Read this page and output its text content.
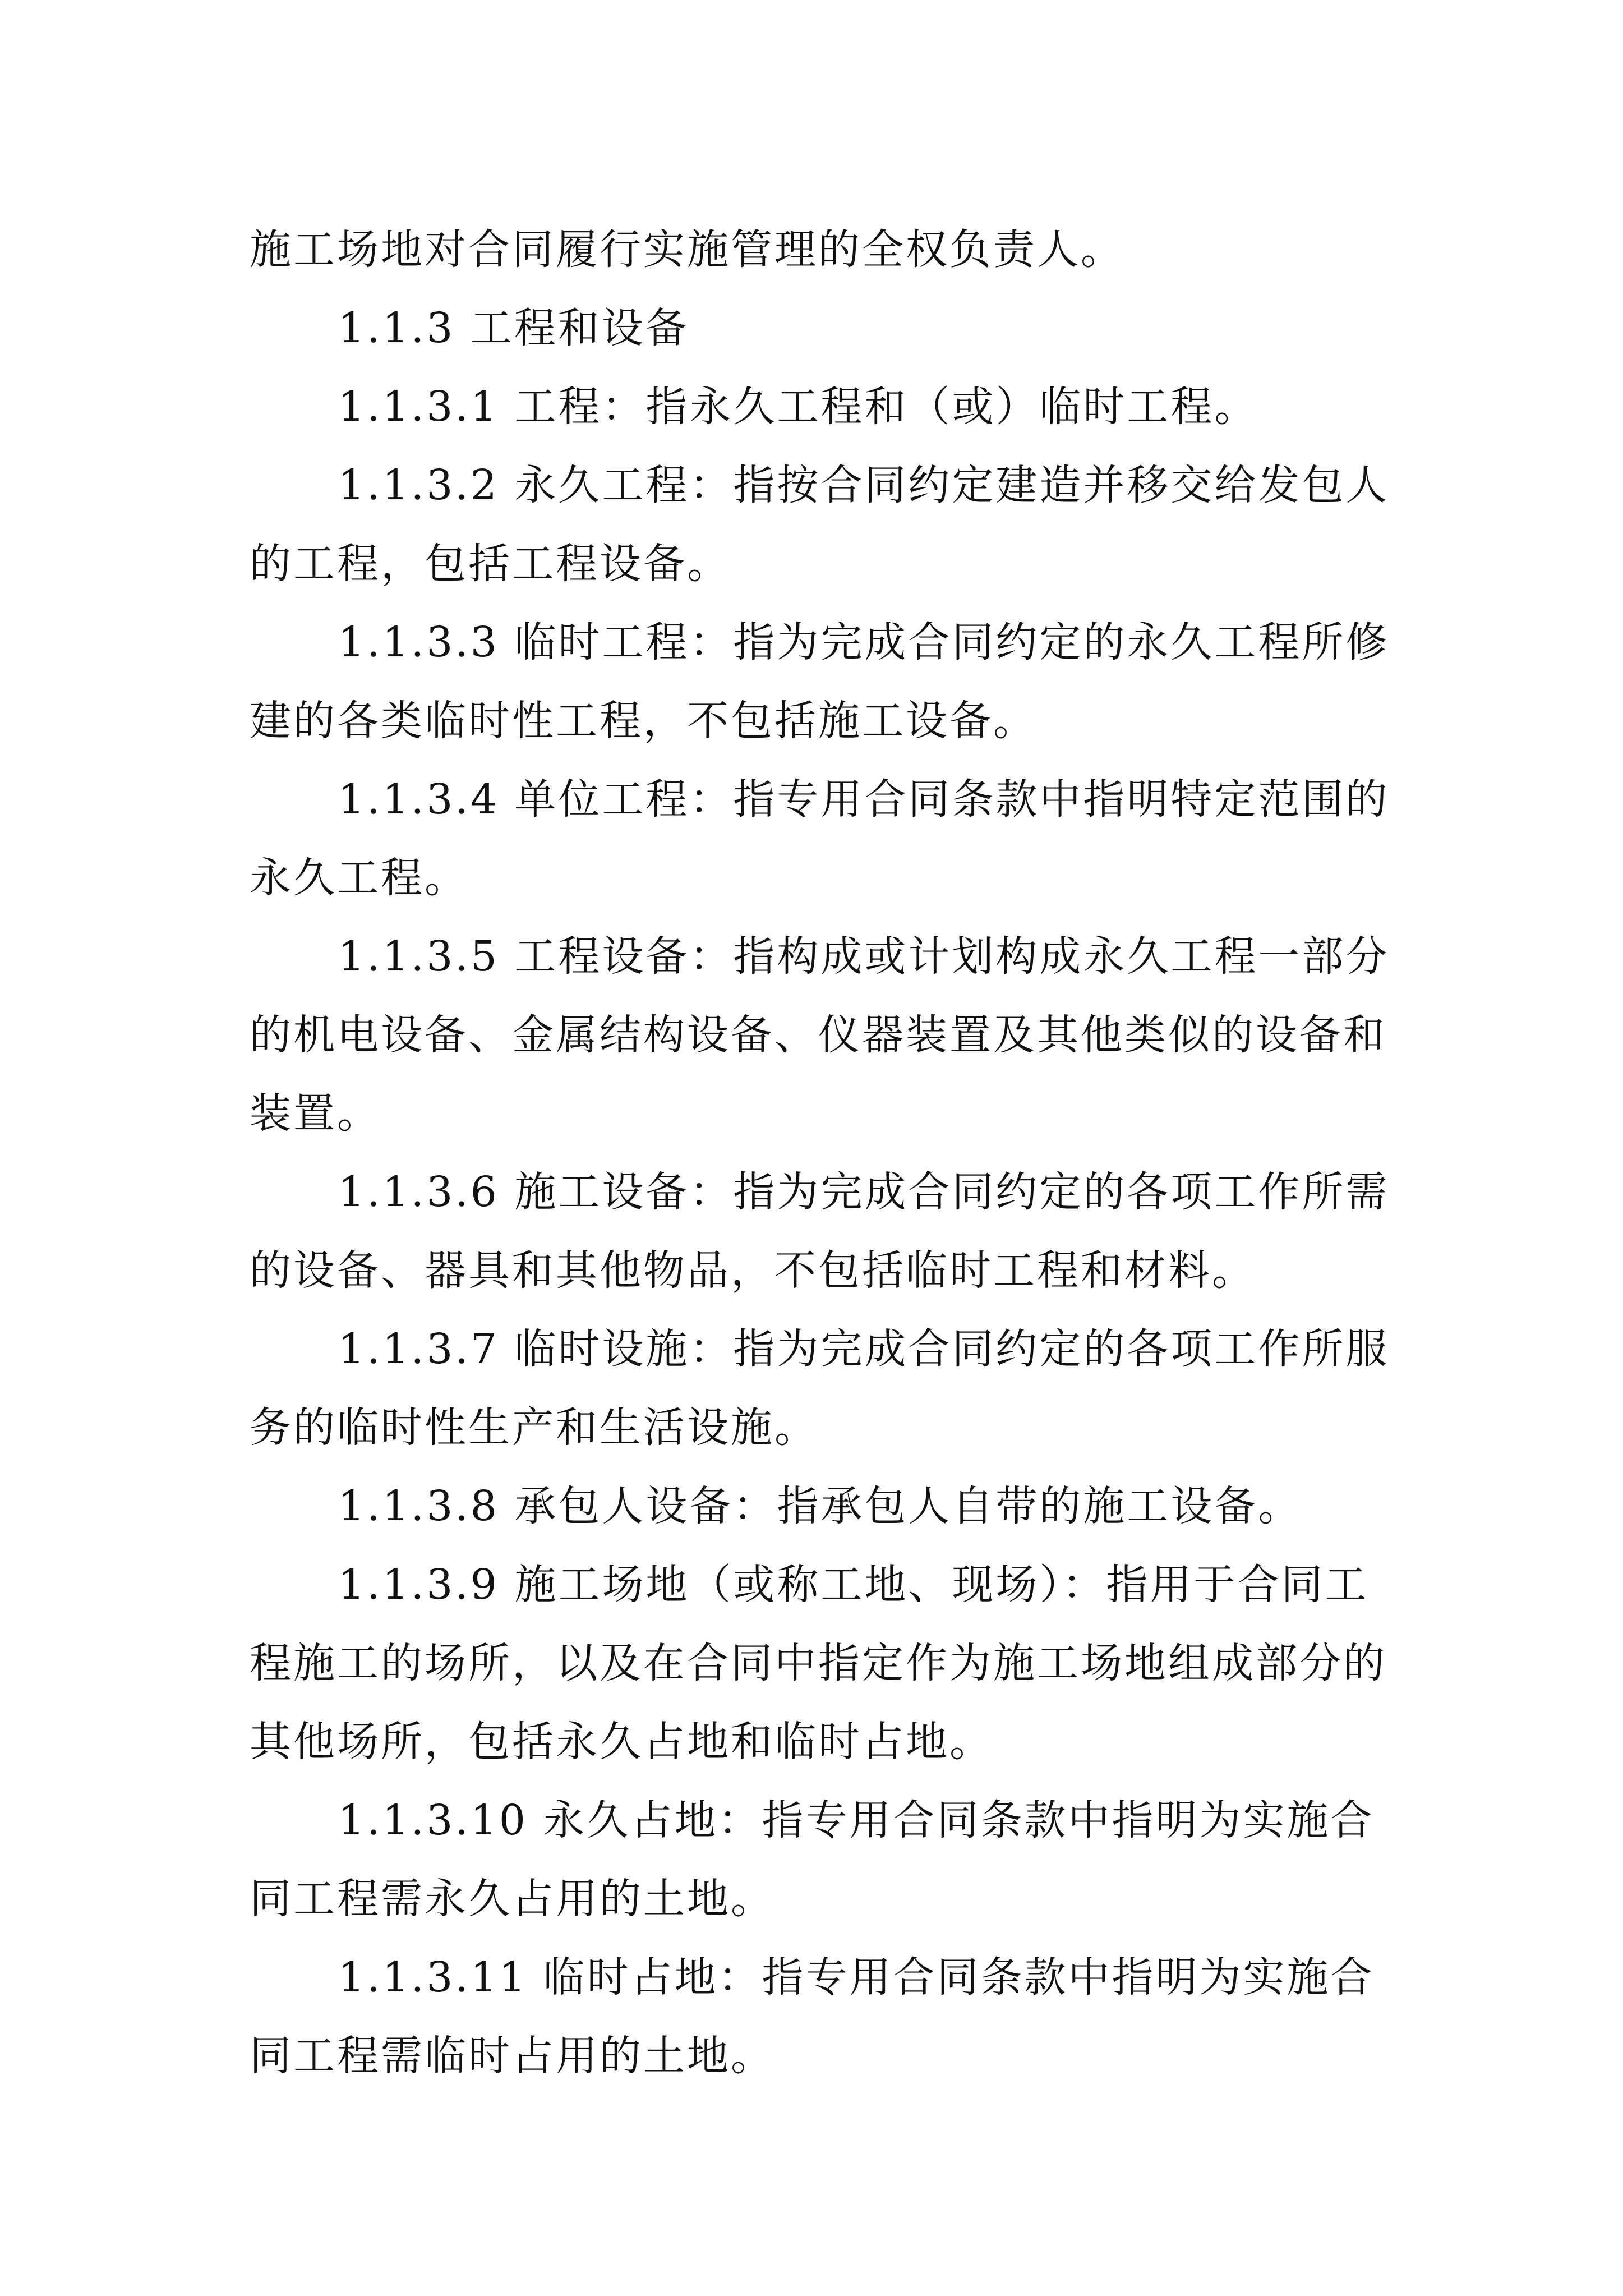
施工场地对合同履行实施管理的全权负责人。
1.1.3 工程和设备
1.1.3.1 工程：指永久工程和（或）临时工程。
1.1.3.2 永久工程：指按合同约定建造并移交给发包人
的工程，包括工程设备。
1.1.3.3 临时工程：指为完成合同约定的永久工程所修
建的各类临时性工程，不包括施工设备。
1.1.3.4 单位工程：指专用合同条款中指明特定范围的
永久工程。
1.1.3.5 工程设备：指构成或计划构成永久工程一部分
的机电设备、金属结构设备、仪器装置及其他类似的设备和
装置。
1.1.3.6 施工设备：指为完成合同约定的各项工作所需
的设备、器具和其他物品，不包括临时工程和材料。
1.1.3.7 临时设施：指为完成合同约定的各项工作所服
务的临时性生产和生活设施。
1.1.3.8 承包人设备：指承包人自带的施工设备。
1.1.3.9 施工场地（或称工地、现场）：指用于合同工
程施工的场所，以及在合同中指定作为施工场地组成部分的
其他场所，包括永久占地和临时占地。
1.1.3.10 永久占地：指专用合同条款中指明为实施合
同工程需永久占用的土地。
1.1.3.11 临时占地：指专用合同条款中指明为实施合
同工程需临时占用的土地。
